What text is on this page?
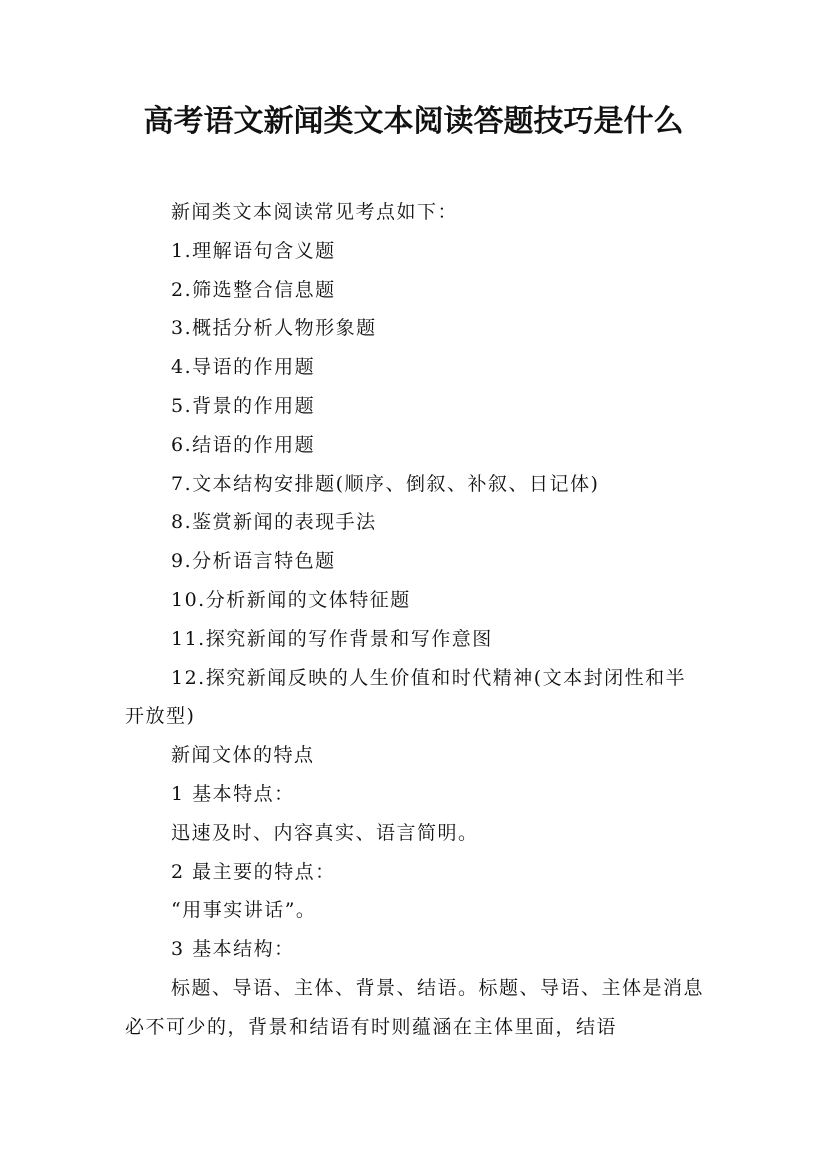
高考语文新闻类文本阅读答题技巧是什么

新闻类文本阅读常见考点如下：

1.理解语句含义题

2.筛选整合信息题

3.概括分析人物形象题

4.导语的作用题

5.背景的作用题

6.结语的作用题

7.文本结构安排题(顺序、倒叙、补叙、日记体)

8.鉴赏新闻的表现手法

9.分析语言特色题

10.分析新闻的文体特征题

11.探究新闻的写作背景和写作意图

12.探究新闻反映的人生价值和时代精神(文本封闭性和半开放型)

新闻文体的特点

1 基本特点：

迅速及时、内容真实、语言简明。

2 最主要的特点：

“用事实讲话”。

3 基本结构：

标题、导语、主体、背景、结语。标题、导语、主体是消息必不可少的，背景和结语有时则蕴涵在主体里面，结语
